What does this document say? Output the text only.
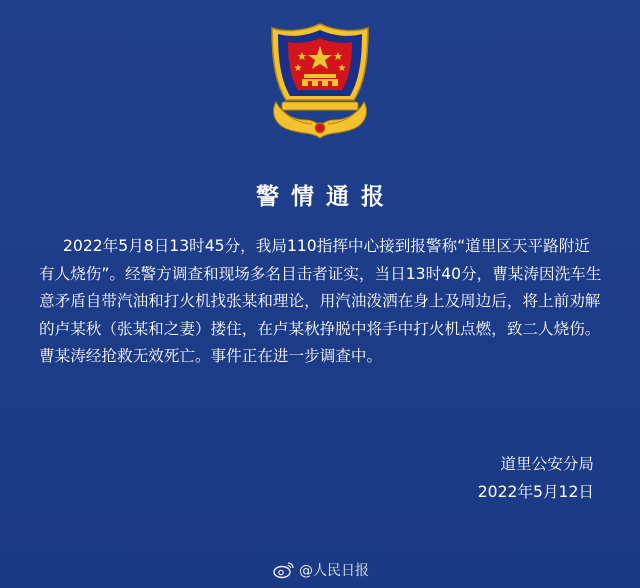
警情通报

2022年5月8日13时45分，我局110指挥中心接到报警称“道里区天平路附近有人烧伤”。经警方调查和现场多名目击者证实，当日13时40分，曹某涛因洗车生意矛盾自带汽油和打火机找张某和理论，用汽油泼洒在身上及周边后，将上前劝解的卢某秋（张某和之妻）搂住，在卢某秋挣脱中将手中打火机点燃，致二人烧伤。曹某涛经抢救无效死亡。事件正在进一步调查中。

道里公安分局
2022年5月12日
@人民日报
